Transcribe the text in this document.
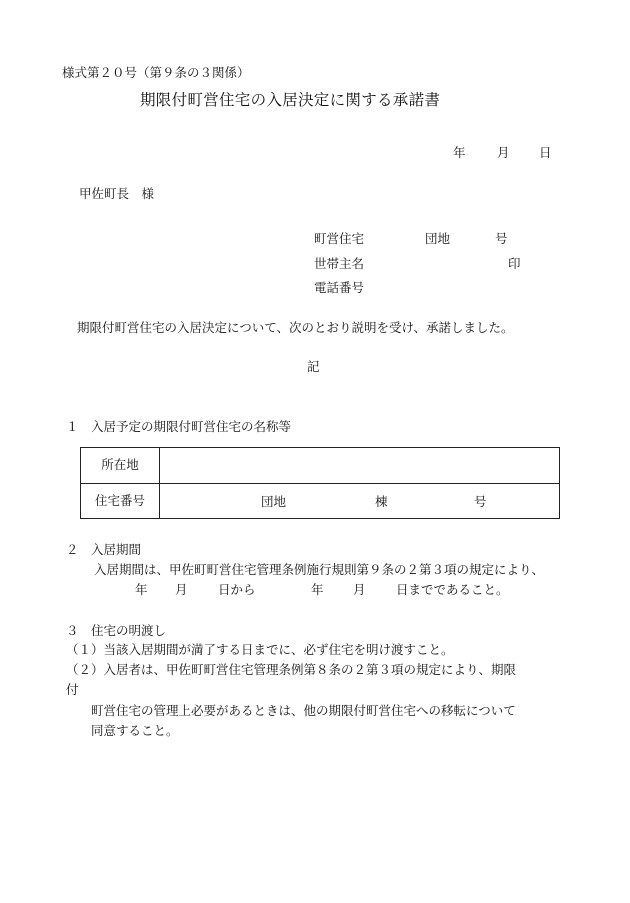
様式第２０号（第９条の３関係）
期限付町営住宅の入居決定に関する承諾書
年	月 日
甲佐町長　様
町営住宅	団地	号
世帯主名	印
電話番号
期限付町営住宅の入居決定について、次のとおり説明を受け、承諾しました。
記
１　入居予定の期限付町営住宅の名称等
所在地
住宅番号	団地	棟	号
２　入居期間
入居期間は、甲佐町町営住宅管理条例施行規則第９条の２第３項の規定により、
年 月 日から	年 月 日までであること。
３　住宅の明渡し
（１）当該入居期間が満了する日までに、必ず住宅を明け渡すこと。
（２）入居者は、甲佐町町営住宅管理条例第８条の２第３項の規定により、期限
付
町営住宅の管理上必要があるときは、他の期限付町営住宅への移転について
同意すること。
